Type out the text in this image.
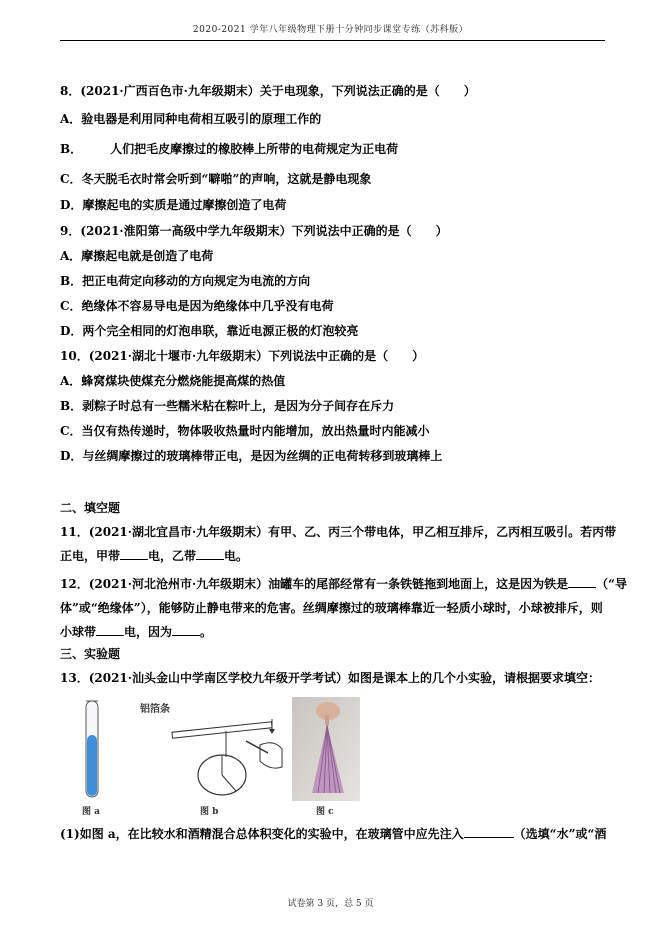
2020-2021 学年八年级物理下册十分钟同步课堂专练（苏科版）
8．(2021·广西百色市·九年级期末）关于电现象，下列说法正确的是（　　）
A．验电器是利用同种电荷相互吸引的原理工作的
B． 人们把毛皮摩擦过的橡胶棒上所带的电荷规定为正电荷
C．冬天脱毛衣时常会听到“噼啪”的声响，这就是静电现象
D．摩擦起电的实质是通过摩擦创造了电荷
9．(2021·淮阳第一高级中学九年级期末）下列说法中正确的是（　　）
A．摩擦起电就是创造了电荷
B．把正电荷定向移动的方向规定为电流的方向
C．绝缘体不容易导电是因为绝缘体中几乎没有电荷
D．两个完全相同的灯泡串联，靠近电源正极的灯泡较亮
10．(2021·湖北十堰市·九年级期末）下列说法中正确的是（　　）
A．蜂窝煤块使煤充分燃烧能提高煤的热值
B．剥粽子时总有一些糯米粘在粽叶上，是因为分子间存在斥力
C．当仅有热传递时，物体吸收热量时内能增加，放出热量时内能减小
D．与丝绸摩擦过的玻璃棒带正电，是因为丝绸的正电荷转移到玻璃棒上
二、填空题
11．(2021·湖北宜昌市·九年级期末）有甲、乙、丙三个带电体，甲乙相互排斥，乙丙相互吸引。若丙带
正电，甲带 电，乙带 电。
12．(2021·河北沧州市·九年级期末）油罐车的尾部经常有一条铁链拖到地面上，这是因为铁是 （“导
体”或“绝缘体”），能够防止静电带来的危害。丝绸摩擦过的玻璃棒靠近一轻质小球时，小球被排斥，则
小球带 电，因为 。
三、实验题
13．(2021·汕头金山中学南区学校九年级开学考试）如图是课本上的几个小实验，请根据要求填空：
图 a
铝箔条
图 b	图 c
(1)如图 a，在比较水和酒精混合总体积变化的实验中，在玻璃管中应先注入	（选填“水”或“酒
试卷第 3 页，总 5 页
